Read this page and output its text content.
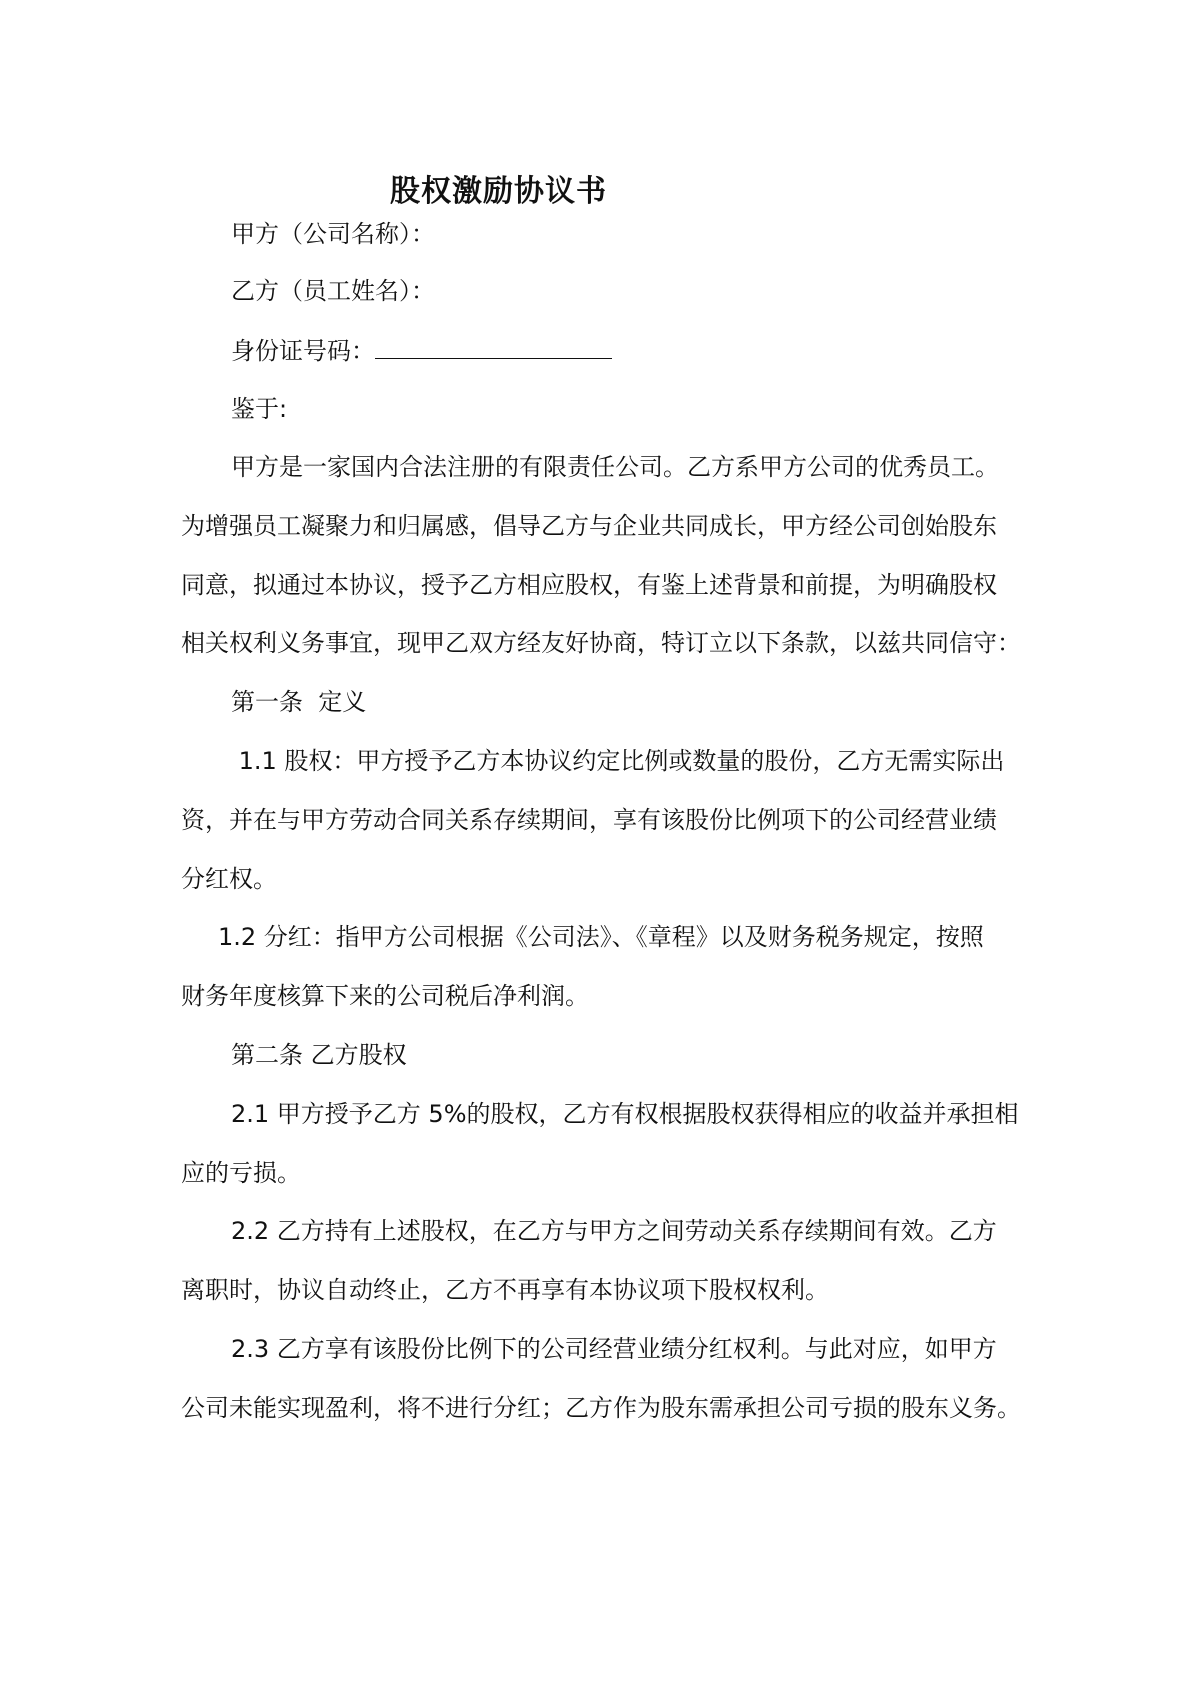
股权激励协议书
甲方（公司名称）：
乙方（员工姓名）：
身份证号码：
鉴于:
甲方是一家国内合法注册的有限责任公司。乙方系甲方公司的优秀员工。
为增强员工凝聚力和归属感，倡导乙方与企业共同成长，甲方经公司创始股东
同意，拟通过本协议，授予乙方相应股权，有鉴上述背景和前提，为明确股权
相关权利义务事宜，现甲乙双方经友好协商，特订立以下条款，以兹共同信守：
第一条  定义
1.1 股权：甲方授予乙方本协议约定比例或数量的股份，乙方无需实际出
资，并在与甲方劳动合同关系存续期间，享有该股份比例项下的公司经营业绩
分红权。
1.2 分红：指甲方公司根据《公司法》、《章程》以及财务税务规定，按照
财务年度核算下来的公司税后净利润。
第二条 乙方股权
2.1 甲方授予乙方 5%的股权，乙方有权根据股权获得相应的收益并承担相
应的亏损。
2.2 乙方持有上述股权，在乙方与甲方之间劳动关系存续期间有效。乙方
离职时，协议自动终止，乙方不再享有本协议项下股权权利。
2.3 乙方享有该股份比例下的公司经营业绩分红权利。与此对应，如甲方
公司未能实现盈利，将不进行分红；乙方作为股东需承担公司亏损的股东义务。
